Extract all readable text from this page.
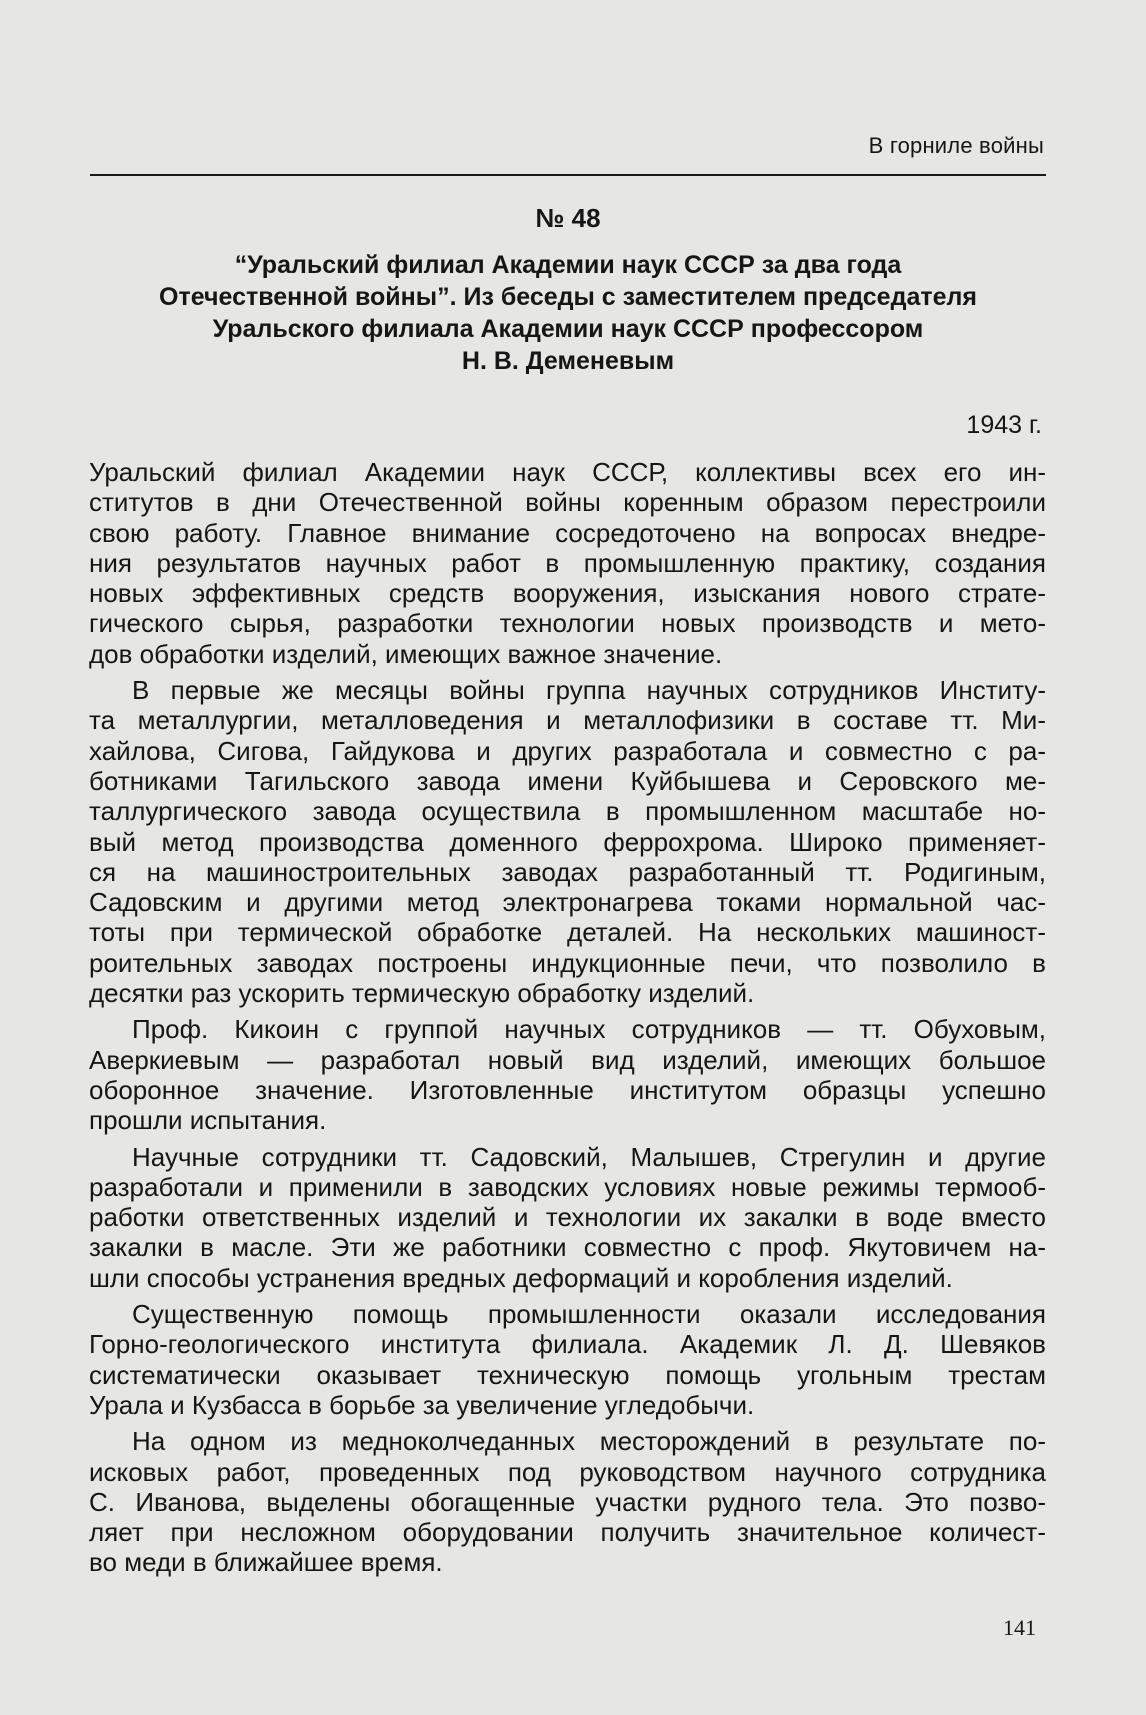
В горниле войны
№ 48
“Уральский филиал Академии наук СССР за два года
Отечественной войны”. Из беседы с заместителем председателя
Уральского филиала Академии наук СССР профессором
Н. В. Деменевым
1943 г.
Уральский филиал Академии наук СССР, коллективы всех его ин-
ститутов в дни Отечественной войны коренным образом перестроили
свою работу. Главное внимание сосредоточено на вопросах внедре-
ния результатов научных работ в промышленную практику, создания
новых эффективных средств вооружения, изыскания нового страте-
гического сырья, разработки технологии новых производств и мето-
дов обработки изделий, имеющих важное значение.
В первые же месяцы войны группа научных сотрудников Институ-
та металлургии, металловедения и металлофизики в составе тт. Ми-
хайлова, Сигова, Гайдукова и других разработала и совместно с ра-
ботниками Тагильского завода имени Куйбышева и Серовского ме-
таллургического завода осуществила в промышленном масштабе но-
вый метод производства доменного феррохрома. Широко применяет-
ся на машиностроительных заводах разработанный тт. Родигиным,
Садовским и другими метод электронагрева токами нормальной час-
тоты при термической обработке деталей. На нескольких машиност-
роительных заводах построены индукционные печи, что позволило в
десятки раз ускорить термическую обработку изделий.
Проф. Кикоин с группой научных сотрудников — тт. Обуховым,
Аверкиевым — разработал новый вид изделий, имеющих большое
оборонное значение. Изготовленные институтом образцы успешно
прошли испытания.
Научные сотрудники тт. Садовский, Малышев, Стрегулин и другие
разработали и применили в заводских условиях новые режимы термооб-
работки ответственных изделий и технологии их закалки в воде вместо
закалки в масле. Эти же работники совместно с проф. Якутовичем на-
шли способы устранения вредных деформаций и коробления изделий.
Существенную помощь промышленности оказали исследования
Горно-геологического института филиала. Академик Л. Д. Шевяков
систематически оказывает техническую помощь угольным трестам
Урала и Кузбасса в борьбе за увеличение угледобычи.
На одном из медноколчеданных месторождений в результате по-
исковых работ, проведенных под руководством научного сотрудника
С. Иванова, выделены обогащенные участки рудного тела. Это позво-
ляет при несложном оборудовании получить значительное количест-
во меди в ближайшее время.
141
